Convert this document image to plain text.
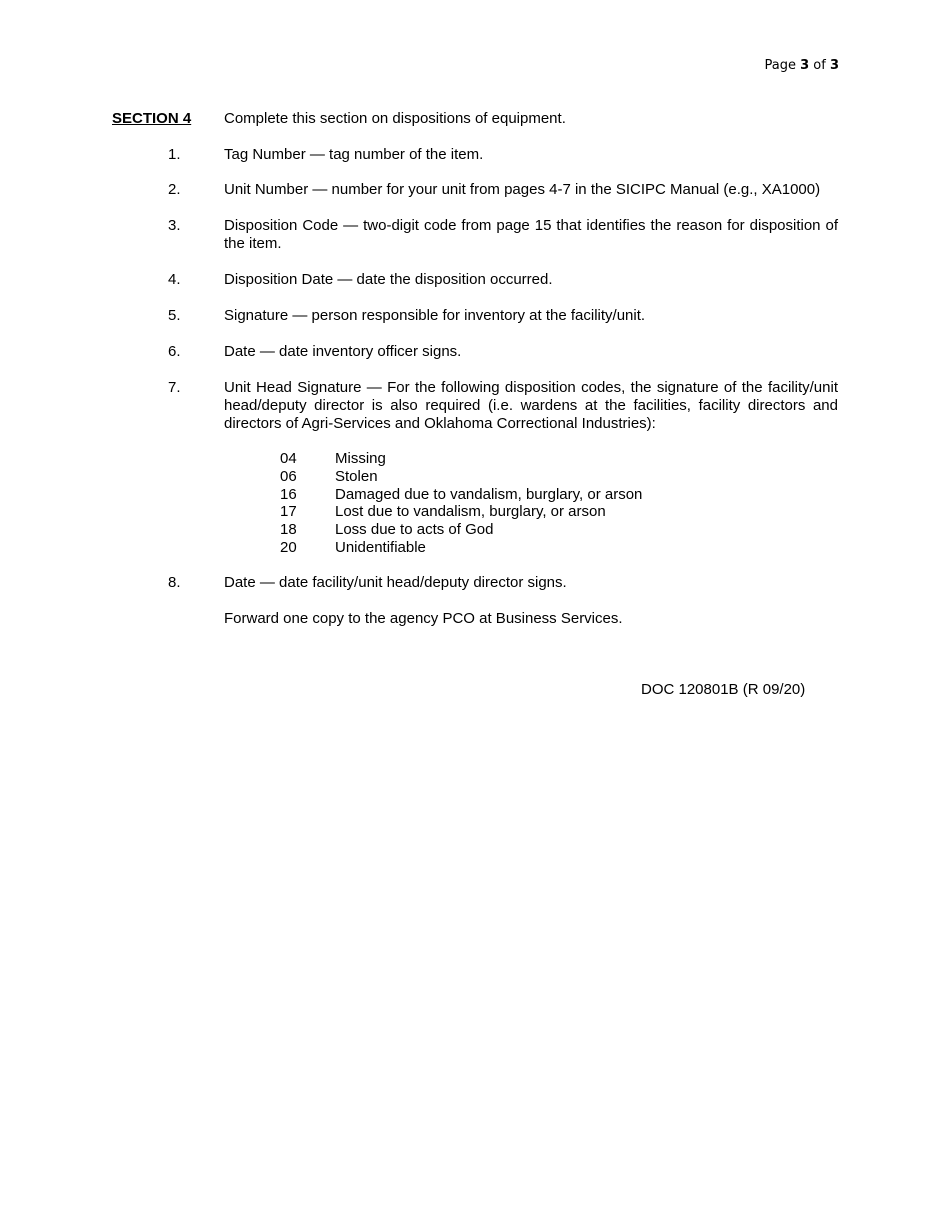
Page 3 of 3
SECTION 4 Complete this section on dispositions of equipment.
1.	Tag Number — tag number of the item.
2.	Unit Number — number for your unit from pages 4-7 in the SICIPC Manual (e.g., XA1000)
3.	Disposition Code — two-digit code from page 15 that identifies the reason for disposition of the item.
4.	Disposition Date — date the disposition occurred.
5.	Signature — person responsible for inventory at the facility/unit.
6.	Date — date inventory officer signs.
7.	Unit Head Signature — For the following disposition codes, the signature of the facility/unit head/deputy director is also required (i.e. wardens at the facilities, facility directors and directors of Agri-Services and Oklahoma Correctional Industries):
04	Missing
06	Stolen
16	Damaged due to vandalism, burglary, or arson
17	Lost due to vandalism, burglary, or arson
18	Loss due to acts of God
20	Unidentifiable
8.	Date — date facility/unit head/deputy director signs.
Forward one copy to the agency PCO at Business Services.
DOC 120801B (R 09/20)
